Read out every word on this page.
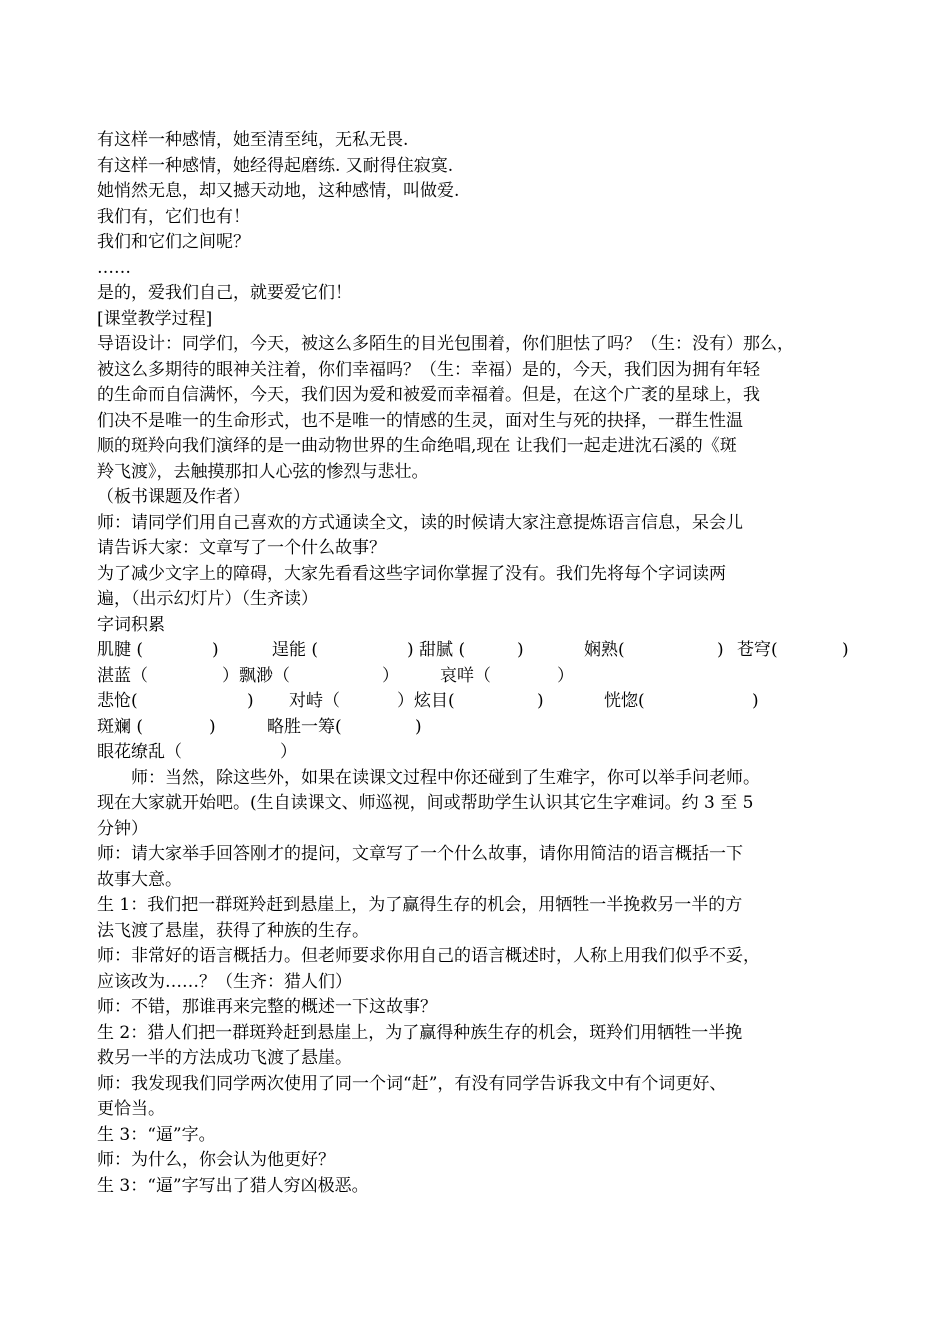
有这样一种感情，她至清至纯，无私无畏.
有这样一种感情，她经得起磨练. 又耐得住寂寞.
她悄然无息，却又撼天动地，这种感情，叫做爱.
我们有，它们也有！
我们和它们之间呢？
……
是的，爱我们自己，就要爱它们！
[课堂教学过程]
导语设计：同学们，今天，被这么多陌生的目光包围着，你们胆怯了吗？（生：没有）那么，
被这么多期待的眼神关注着，你们幸福吗？（生：幸福）是的，今天，我们因为拥有年轻
的生命而自信满怀，今天，我们因为爱和被爱而幸福着。但是，在这个广袤的星球上，我
们决不是唯一的生命形式，也不是唯一的情感的生灵，面对生与死的抉择，一群生性温
顺的斑羚向我们演绎的是一曲动物世界的生命绝唱,现在 让我们一起走进沈石溪的《斑
羚飞渡》，去触摸那扣人心弦的惨烈与悲壮。
（板书课题及作者）
师：请同学们用自己喜欢的方式通读全文，读的时候请大家注意提炼语言信息，呆会儿
请告诉大家：文章写了一个什么故事？
为了减少文字上的障碍，大家先看看这些字词你掌握了没有。我们先将每个字词读两
遍，（出示幻灯片）（生齐读）
字词积累
肌腱 (	)	逞能 (	) 甜腻 (	)	娴熟(	) 苍穹(	)
湛蓝（	）飘渺（	） 哀咩（	）
悲怆(	) 对峙（	）炫目(	)	恍惚(	)
斑斓 (	)	略胜一筹(	)
眼花缭乱（	）
师：当然，除这些外，如果在读课文过程中你还碰到了生难字，你可以举手问老师。
现在大家就开始吧。(生自读课文、师巡视，间或帮助学生认识其它生字难词。约 3 至 5
分钟）
师：请大家举手回答刚才的提问，文章写了一个什么故事，请你用简洁的语言概括一下
故事大意。
生 1：我们把一群斑羚赶到悬崖上，为了赢得生存的机会，用牺牲一半挽救另一半的方
法飞渡了悬崖，获得了种族的生存。
师：非常好的语言概括力。但老师要求你用自己的语言概述时，人称上用我们似乎不妥，
应该改为……？（生齐：猎人们）
师：不错，那谁再来完整的概述一下这故事？
生 2：猎人们把一群斑羚赶到悬崖上，为了赢得种族生存的机会，斑羚们用牺牲一半挽
救另一半的方法成功飞渡了悬崖。
师：我发现我们同学两次使用了同一个词“赶”，有没有同学告诉我文中有个词更好、
更恰当。
生 3：“逼”字。
师：为什么，你会认为他更好？
生 3：“逼”字写出了猎人穷凶极恶。
